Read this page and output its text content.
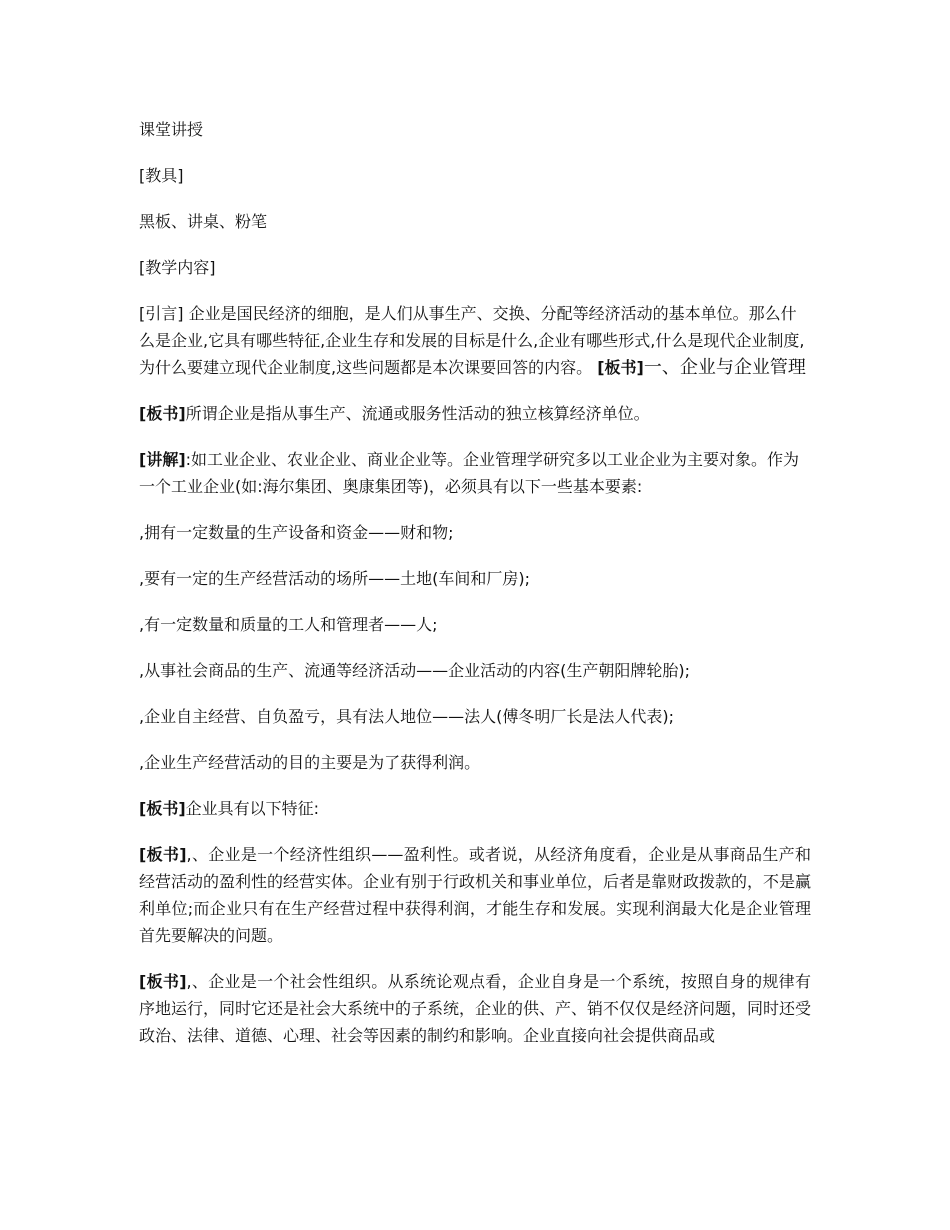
课堂讲授

[教具]

黑板、讲桌、粉笔

[教学内容]

[引言] 企业是国民经济的细胞，是人们从事生产、交换、分配等经济活动的基本单位。那么什么是企业,它具有哪些特征,企业生存和发展的目标是什么,企业有哪些形式,什么是现代企业制度,为什么要建立现代企业制度,这些问题都是本次课要回答的内容。 [板书]一、企业与企业管理

[板书]所谓企业是指从事生产、流通或服务性活动的独立核算经济单位。

[讲解]:如工业企业、农业企业、商业企业等。企业管理学研究多以工业企业为主要对象。作为一个工业企业(如:海尔集团、奥康集团等)，必须具有以下一些基本要素:

,拥有一定数量的生产设备和资金——财和物;

,要有一定的生产经营活动的场所——土地(车间和厂房);

,有一定数量和质量的工人和管理者——人;

,从事社会商品的生产、流通等经济活动——企业活动的内容(生产朝阳牌轮胎);

,企业自主经营、自负盈亏，具有法人地位——法人(傅冬明厂长是法人代表);

,企业生产经营活动的目的主要是为了获得利润。

[板书]企业具有以下特征:

[板书],、企业是一个经济性组织——盈利性。或者说，从经济角度看，企业是从事商品生产和经营活动的盈利性的经营实体。企业有别于行政机关和事业单位，后者是靠财政拨款的，不是赢利单位;而企业只有在生产经营过程中获得利润，才能生存和发展。实现利润最大化是企业管理首先要解决的问题。

[板书],、企业是一个社会性组织。从系统论观点看，企业自身是一个系统，按照自身的规律有序地运行，同时它还是社会大系统中的子系统，企业的供、产、销不仅仅是经济问题，同时还受政治、法律、道德、心理、社会等因素的制约和影响。企业直接向社会提供商品或
